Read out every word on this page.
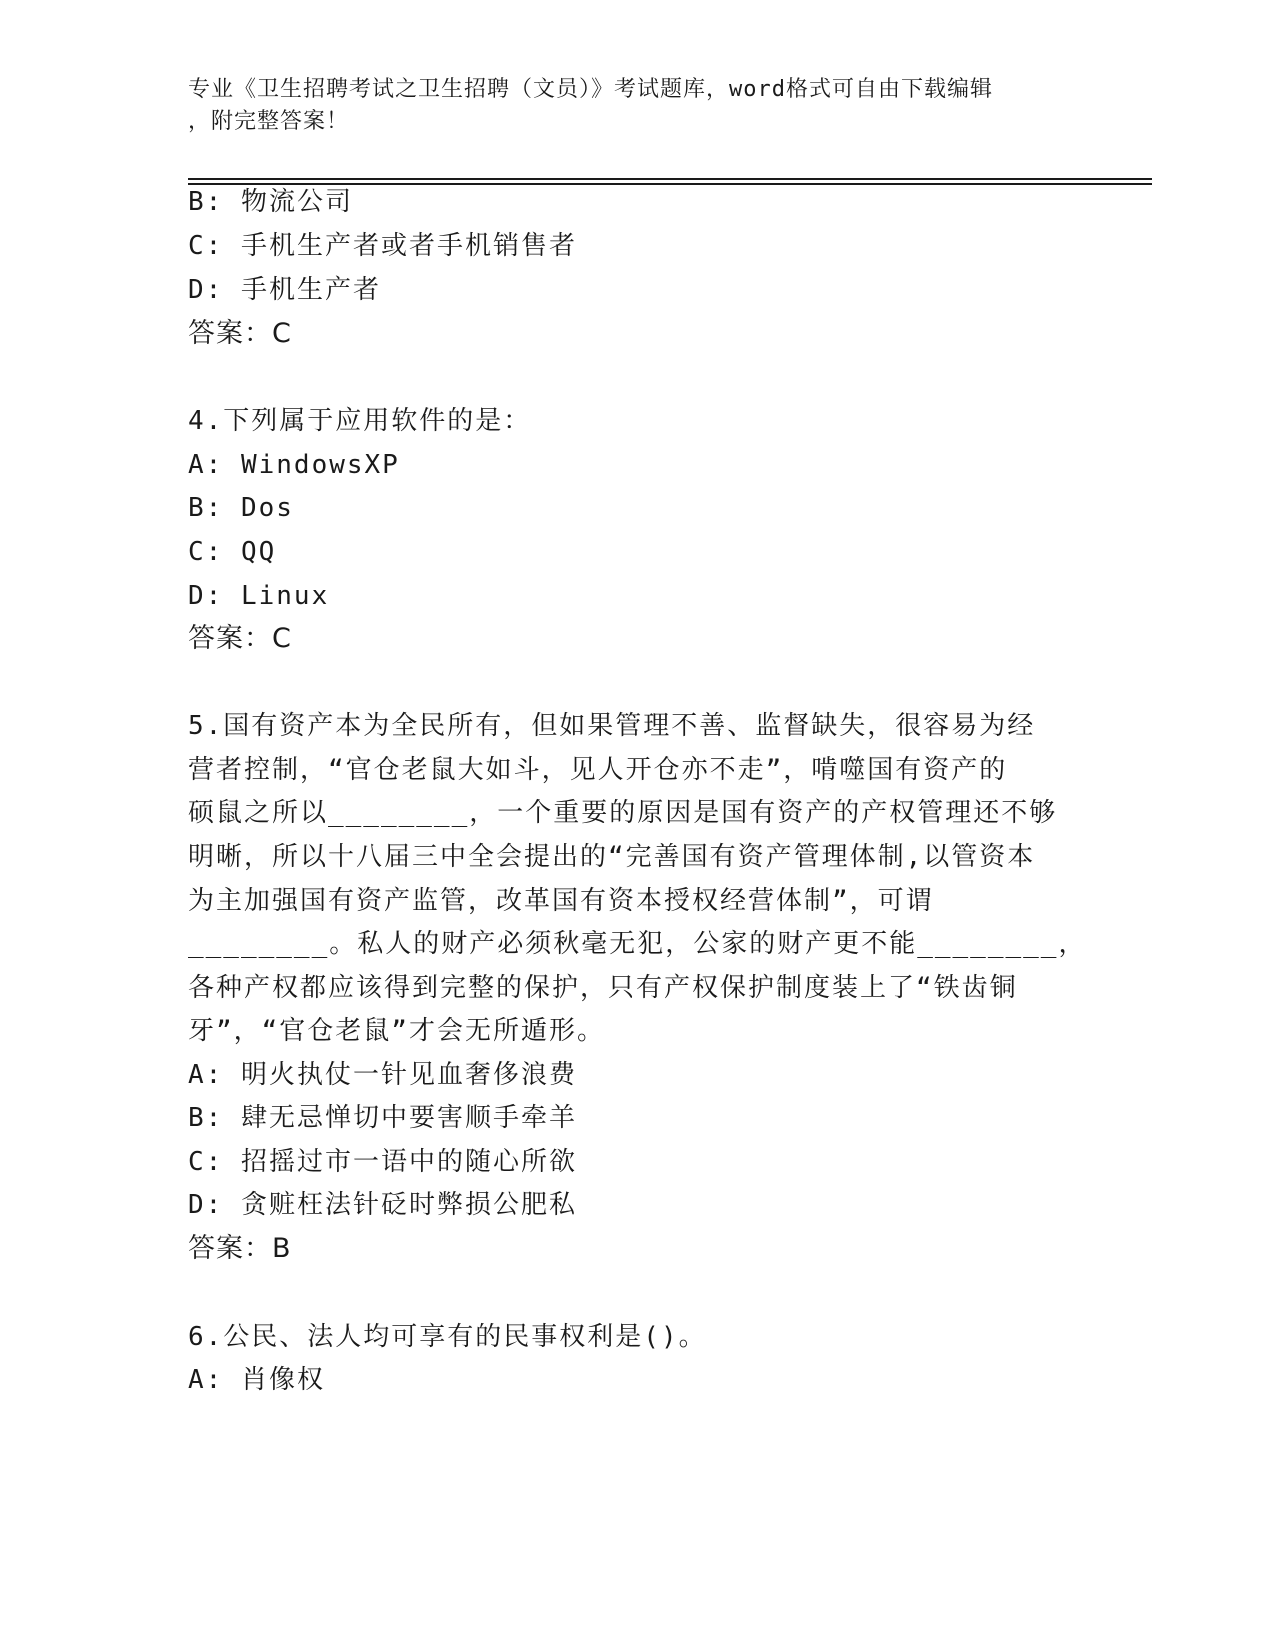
专业《卫生招聘考试之卫生招聘（文员）》考试题库，word格式可自由下载编辑
，附完整答案！
B: 物流公司
C: 手机生产者或者手机销售者
D: 手机生产者
答案：C
4.下列属于应用软件的是：
A: WindowsXP
B: Dos
C: QQ
D: Linux
答案：C
5.国有资产本为全民所有，但如果管理不善、监督缺失，很容易为经
营者控制，“官仓老鼠大如斗，见人开仓亦不走”，啃噬国有资产的
硕鼠之所以________，一个重要的原因是国有资产的产权管理还不够
明晰，所以十八届三中全会提出的“完善国有资产管理体制,以管资本
为主加强国有资产监管，改革国有资本授权经营体制”，可谓
________。私人的财产必须秋毫无犯，公家的财产更不能________，
各种产权都应该得到完整的保护，只有产权保护制度装上了“铁齿铜
牙”，“官仓老鼠”才会无所遁形。
A: 明火执仗一针见血奢侈浪费
B: 肆无忌惮切中要害顺手牵羊
C: 招摇过市一语中的随心所欲
D: 贪赃枉法针砭时弊损公肥私
答案：B
6.公民、法人均可享有的民事权利是()。
A: 肖像权
